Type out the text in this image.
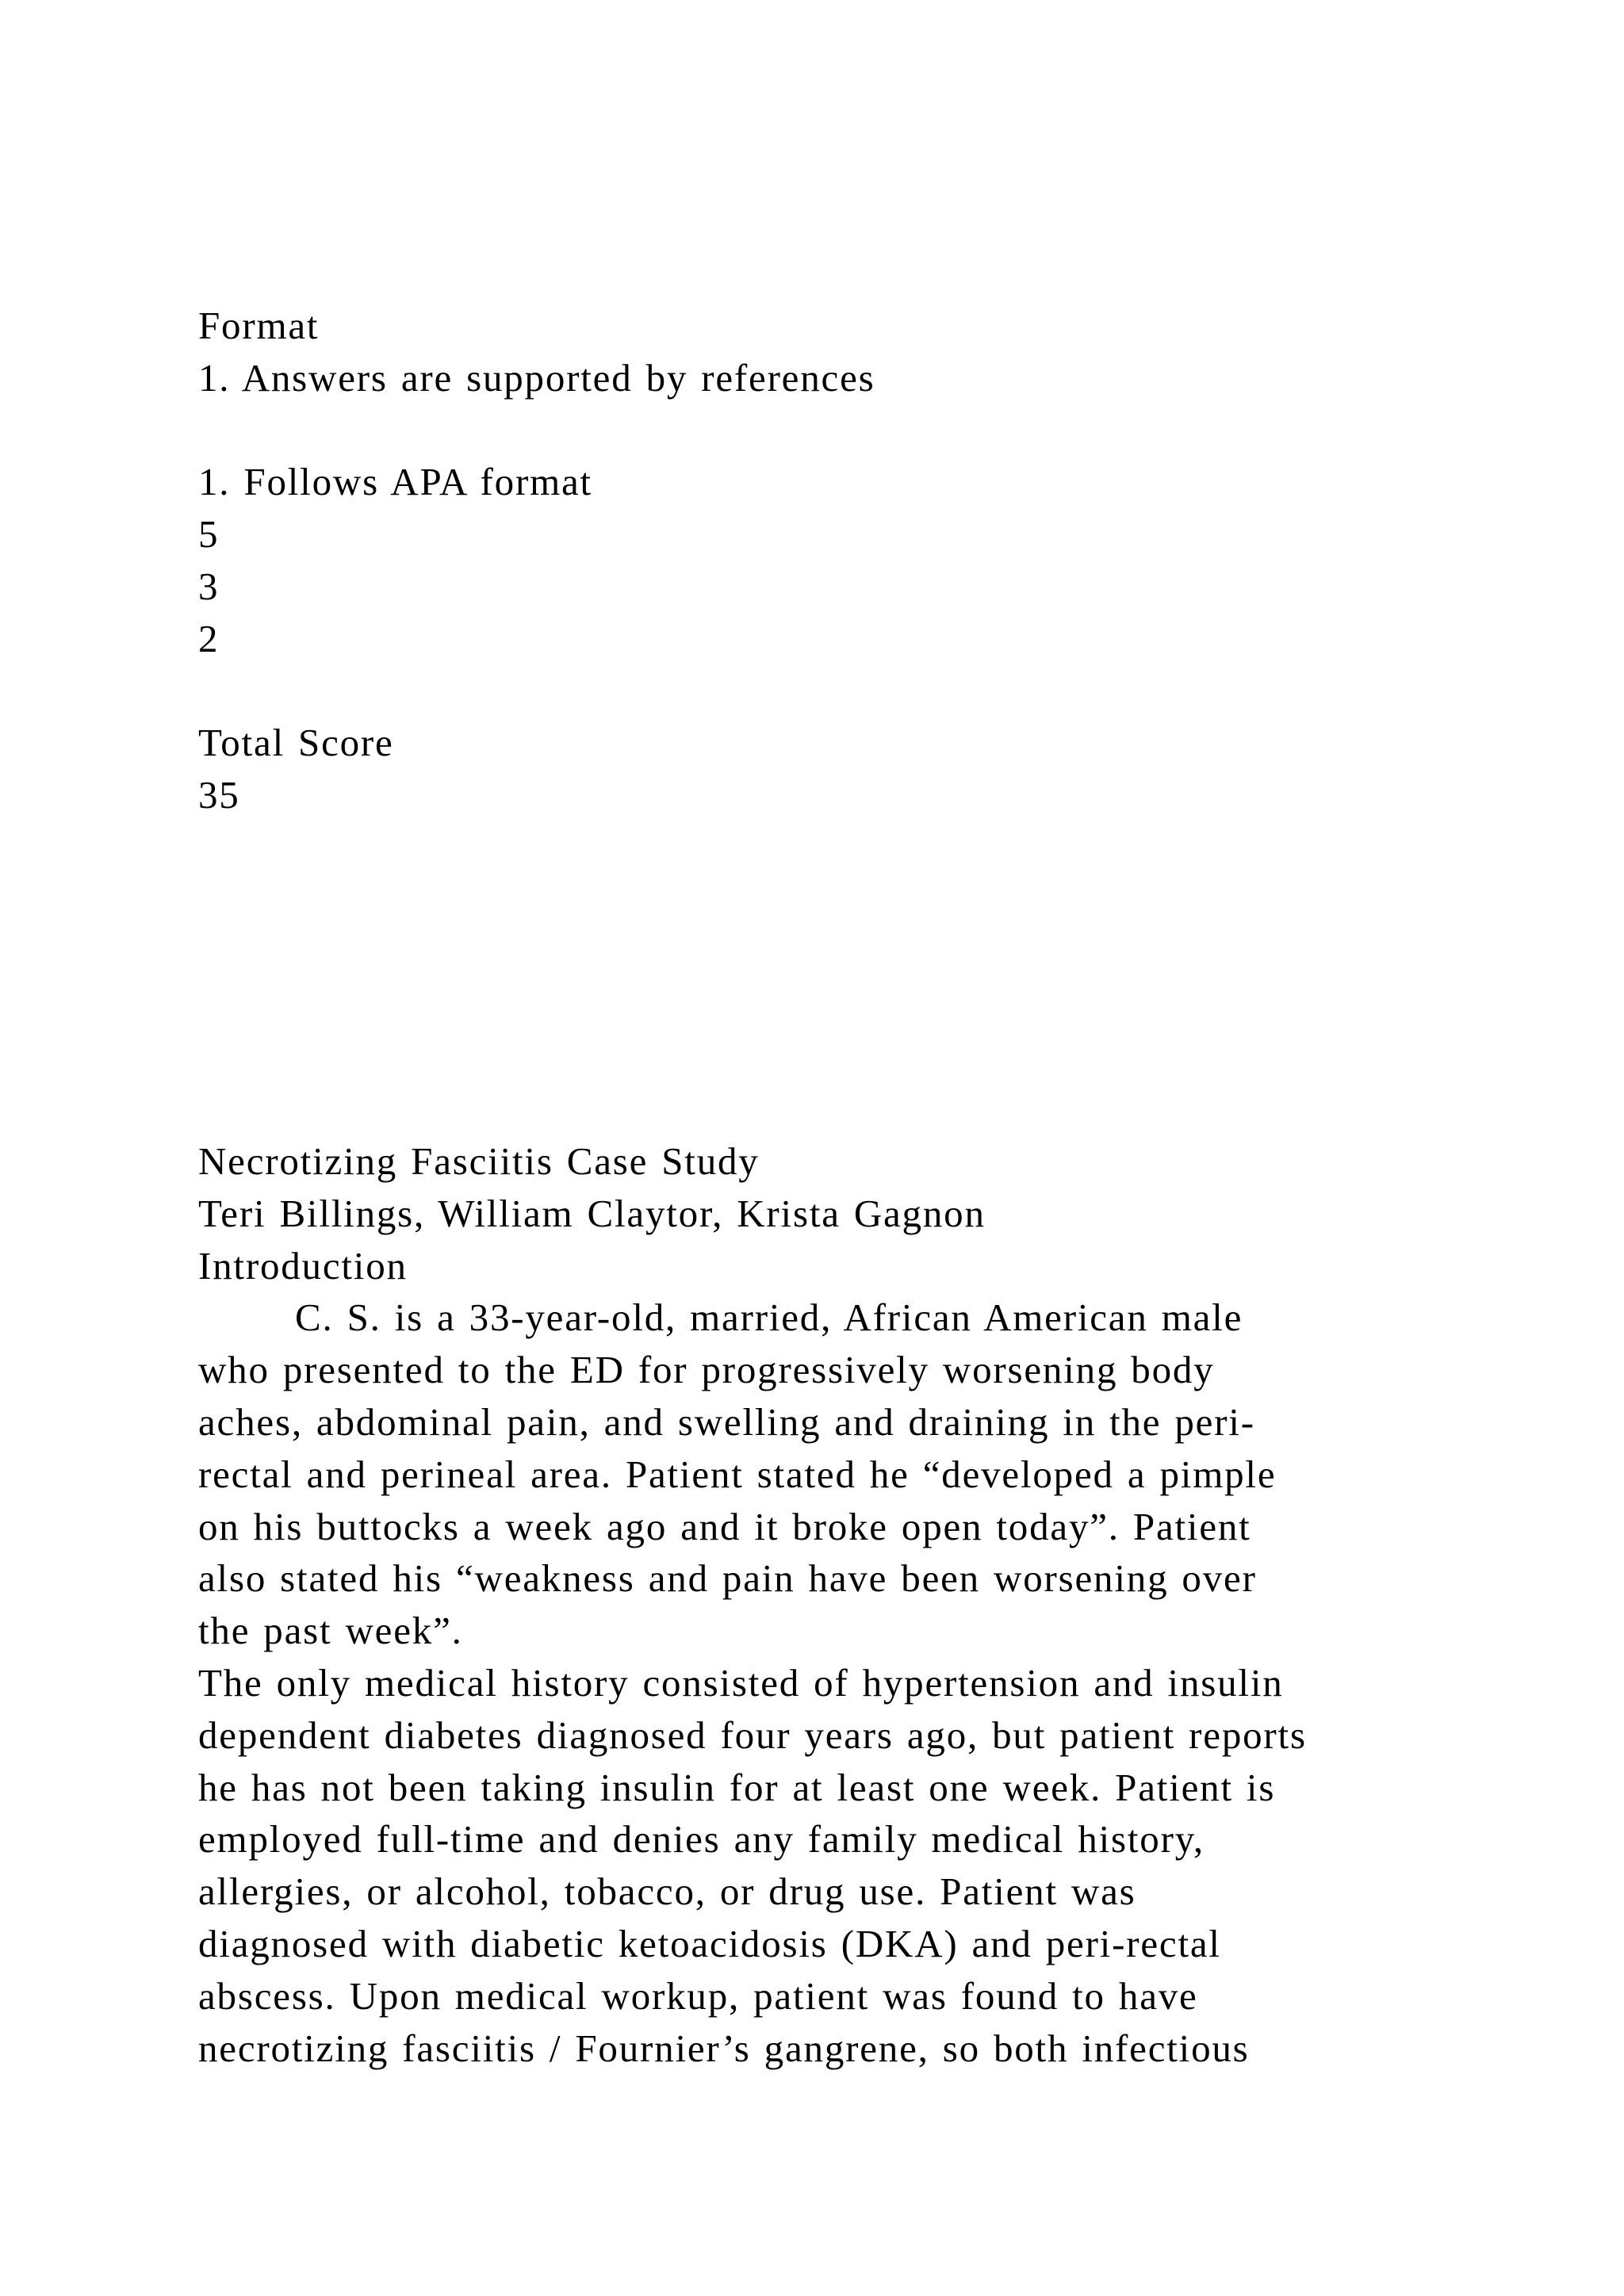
Format
1. Answers are supported by references
1. Follows APA format
5
3
2
Total Score
35
Necrotizing Fasciitis Case Study
Teri Billings, William Claytor, Krista Gagnon
Introduction
C. S. is a 33-year-old, married, African American male
who presented to the ED for progressively worsening body
aches, abdominal pain, and swelling and draining in the peri-
rectal and perineal area. Patient stated he “developed a pimple
on his buttocks a week ago and it broke open today”. Patient
also stated his “weakness and pain have been worsening over
the past week”.
The only medical history consisted of hypertension and insulin
dependent diabetes diagnosed four years ago, but patient reports
he has not been taking insulin for at least one week. Patient is
employed full-time and denies any family medical history,
allergies, or alcohol, tobacco, or drug use. Patient was
diagnosed with diabetic ketoacidosis (DKA) and peri-rectal
abscess. Upon medical workup, patient was found to have
necrotizing fasciitis / Fournier’s gangrene, so both infectious
